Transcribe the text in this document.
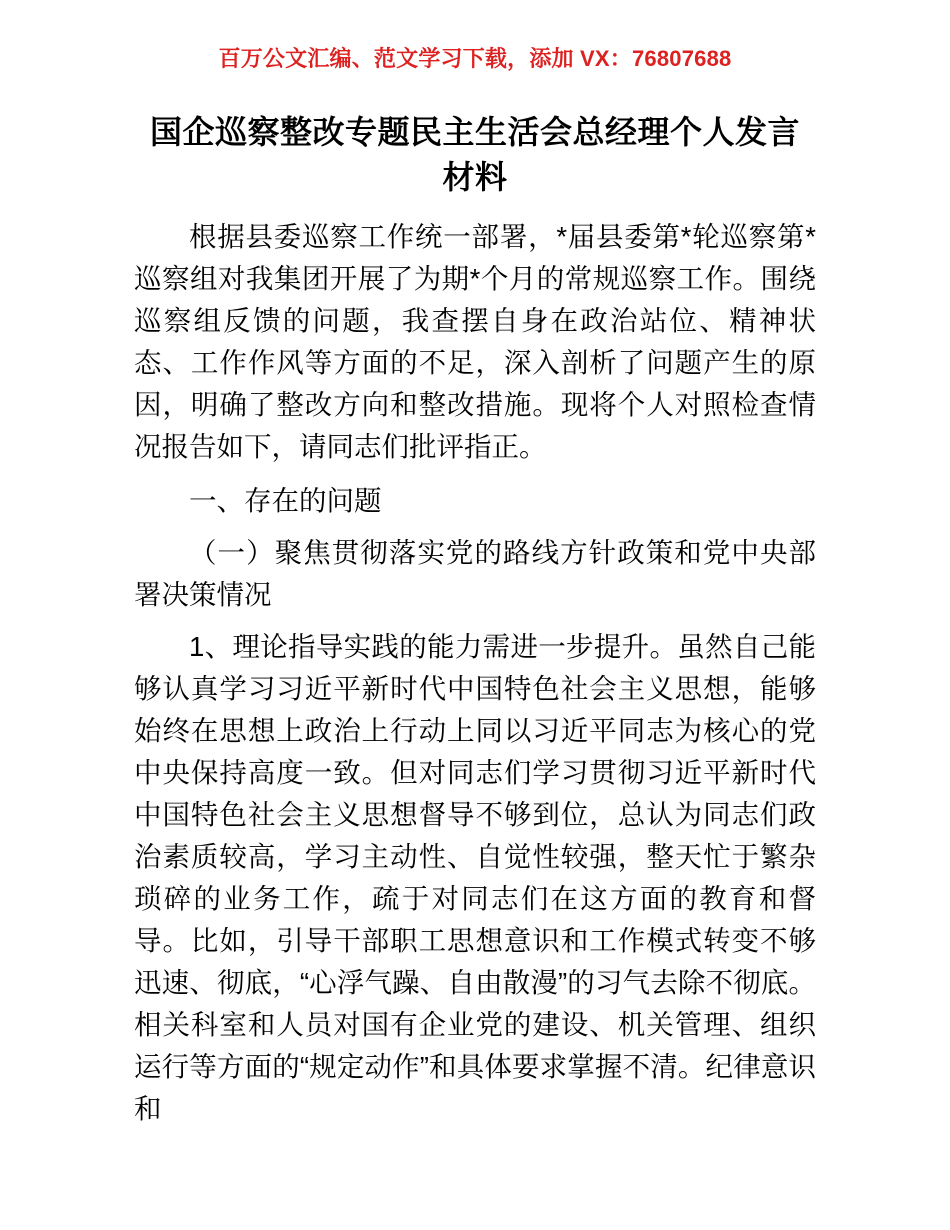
百万公文汇编、范文学习下载，添加 VX：76807688
国企巡察整改专题民主生活会总经理个人发言材料

根据县委巡察工作统一部署，*届县委第*轮巡察第*巡察组对我集团开展了为期*个月的常规巡察工作。围绕巡察组反馈的问题，我查摆自身在政治站位、精神状态、工作作风等方面的不足，深入剖析了问题产生的原因，明确了整改方向和整改措施。现将个人对照检查情况报告如下，请同志们批评指正。

一、存在的问题

（一）聚焦贯彻落实党的路线方针政策和党中央部署决策情况

1、理论指导实践的能力需进一步提升。虽然自己能够认真学习习近平新时代中国特色社会主义思想，能够始终在思想上政治上行动上同以习近平同志为核心的党中央保持高度一致。但对同志们学习贯彻习近平新时代中国特色社会主义思想督导不够到位，总认为同志们政治素质较高，学习主动性、自觉性较强，整天忙于繁杂琐碎的业务工作，疏于对同志们在这方面的教育和督导。比如，引导干部职工思想意识和工作模式转变不够迅速、彻底，“心浮气躁、自由散漫”的习气去除不彻底。相关科室和人员对国有企业党的建设、机关管理、组织运行等方面的“规定动作”和具体要求掌握不清。纪律意识和
